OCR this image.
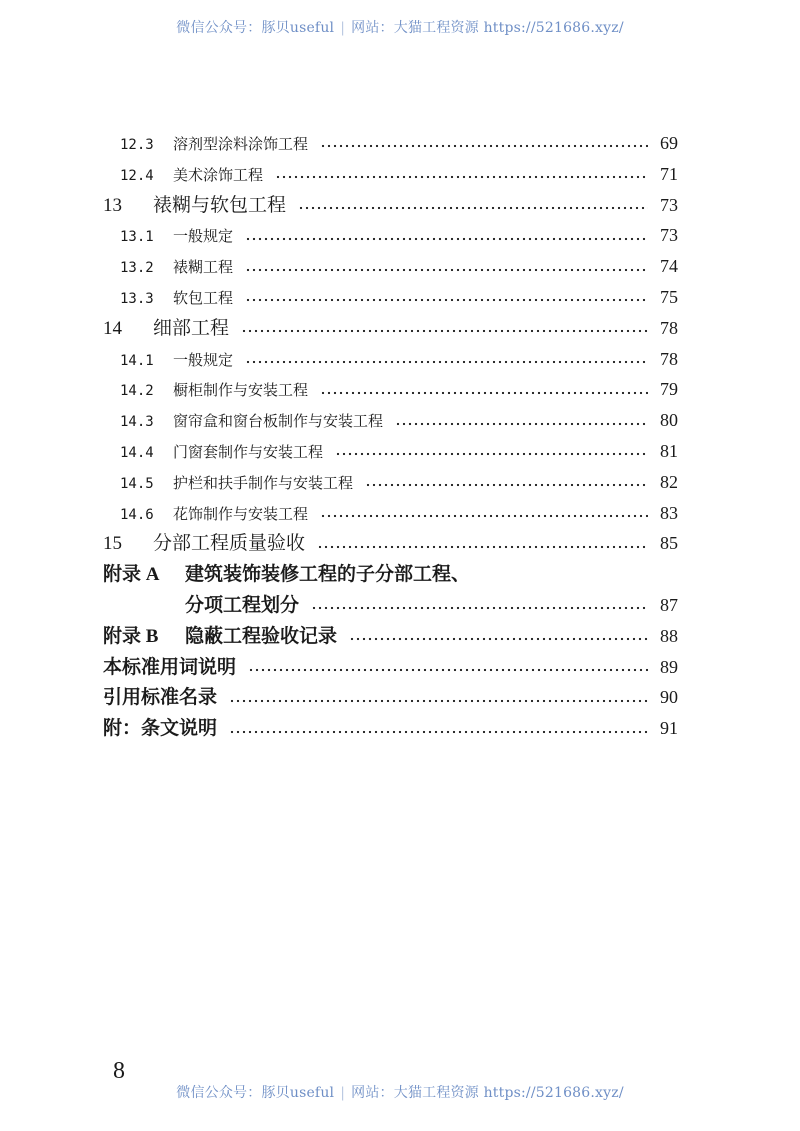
微信公众号：豚贝useful | 网站：大猫工程资源 https://521686.xyz/
12.3	溶剂型涂料涂饰工程	69
12.4	美术涂饰工程	71
13	裱糊与软包工程	73
13.1	一般规定	73
13.2	裱糊工程	74
13.3	软包工程	75
14	细部工程	78
14.1	一般规定	78
14.2	橱柜制作与安装工程	79
14.3	窗帘盒和窗台板制作与安装工程	80
14.4	门窗套制作与安装工程	81
14.5	护栏和扶手制作与安装工程	82
14.6	花饰制作与安装工程	83
15	分部工程质量验收	85
附录 A	建筑装饰装修工程的子分部工程、
分项工程划分	87
附录 B	隐蔽工程验收记录	88
本标准用词说明	89
引用标准名录	90
附：条文说明	91
8
微信公众号：豚贝useful | 网站：大猫工程资源 https://521686.xyz/
